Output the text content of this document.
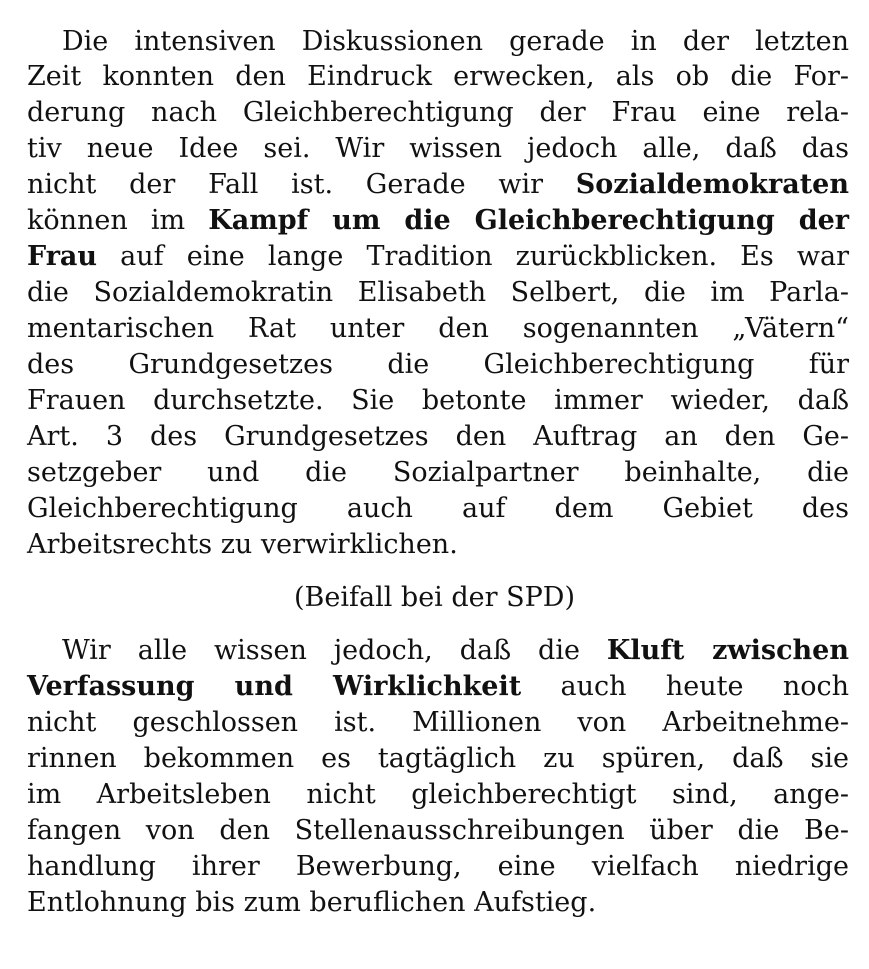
Die intensiven Diskussionen gerade in der letzten
Zeit konnten den Eindruck erwecken, als ob die For-
derung nach Gleichberechtigung der Frau eine rela-
tiv neue Idee sei. Wir wissen jedoch alle, daß das
nicht der Fall ist. Gerade wir Sozialdemokraten
können im Kampf um die Gleichberechtigung der
Frau auf eine lange Tradition zurückblicken. Es war
die Sozialdemokratin Elisabeth Selbert, die im Parla-
mentarischen Rat unter den sogenannten „Vätern“
des Grundgesetzes die Gleichberechtigung für
Frauen durchsetzte. Sie betonte immer wieder, daß
Art. 3 des Grundgesetzes den Auftrag an den Ge-
setzgeber und die Sozialpartner beinhalte, die
Gleichberechtigung auch auf dem Gebiet des
Arbeitsrechts zu verwirklichen.
(Beifall bei der SPD)
Wir alle wissen jedoch, daß die Kluft zwischen
Verfassung und Wirklichkeit auch heute noch
nicht geschlossen ist. Millionen von Arbeitnehme-
rinnen bekommen es tagtäglich zu spüren, daß sie
im Arbeitsleben nicht gleichberechtigt sind, ange-
fangen von den Stellenausschreibungen über die Be-
handlung ihrer Bewerbung, eine vielfach niedrige
Entlohnung bis zum beruflichen Aufstieg.
